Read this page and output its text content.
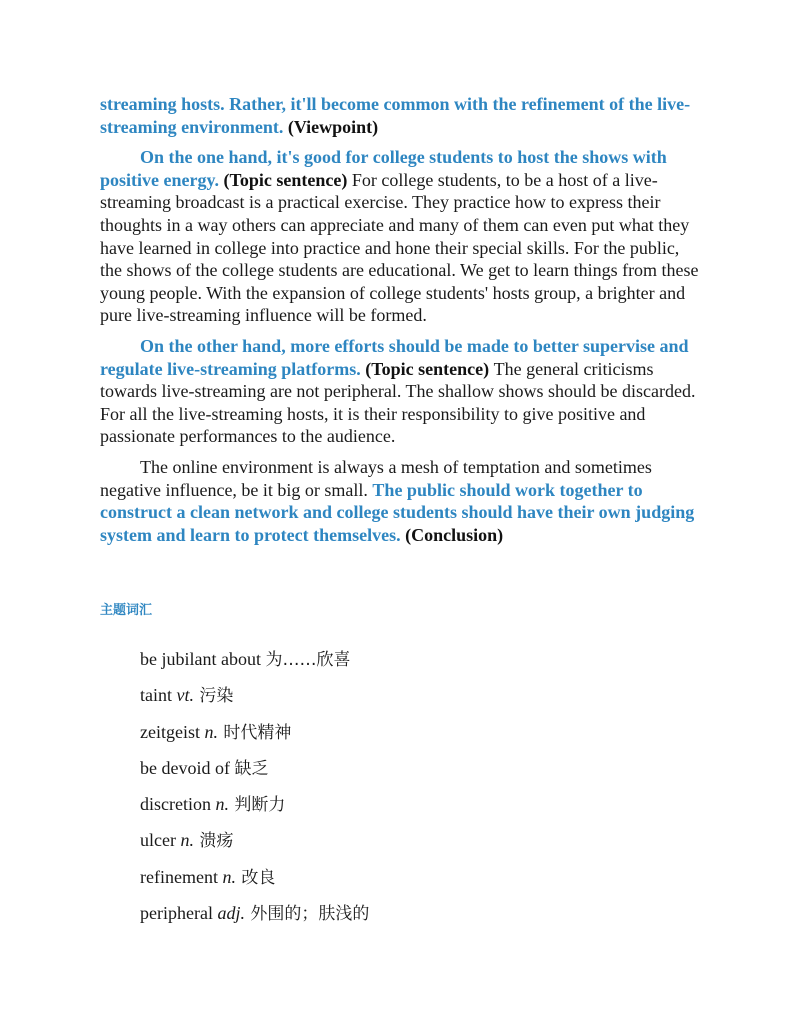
streaming hosts. Rather, it'll become common with the refinement of the live-streaming environment. (Viewpoint)

On the one hand, it's good for college students to host the shows with positive energy. (Topic sentence) For college students, to be a host of a live-streaming broadcast is a practical exercise. They practice how to express their thoughts in a way others can appreciate and many of them can even put what they have learned in college into practice and hone their special skills. For the public, the shows of the college students are educational. We get to learn things from these young people. With the expansion of college students' hosts group, a brighter and pure live-streaming influence will be formed.

On the other hand, more efforts should be made to better supervise and regulate live-streaming platforms. (Topic sentence) The general criticisms towards live-streaming are not peripheral. The shallow shows should be discarded. For all the live-streaming hosts, it is their responsibility to give positive and passionate performances to the audience.

The online environment is always a mesh of temptation and sometimes negative influence, be it big or small. The public should work together to construct a clean network and college students should have their own judging system and learn to protect themselves. (Conclusion)

主题词汇
be jubilant about 为……欣喜
taint vt. 污染
zeitgeist n. 时代精神
be devoid of 缺乏
discretion n. 判断力
ulcer n. 溃疡
refinement n. 改良
peripheral adj. 外围的；肤浅的
